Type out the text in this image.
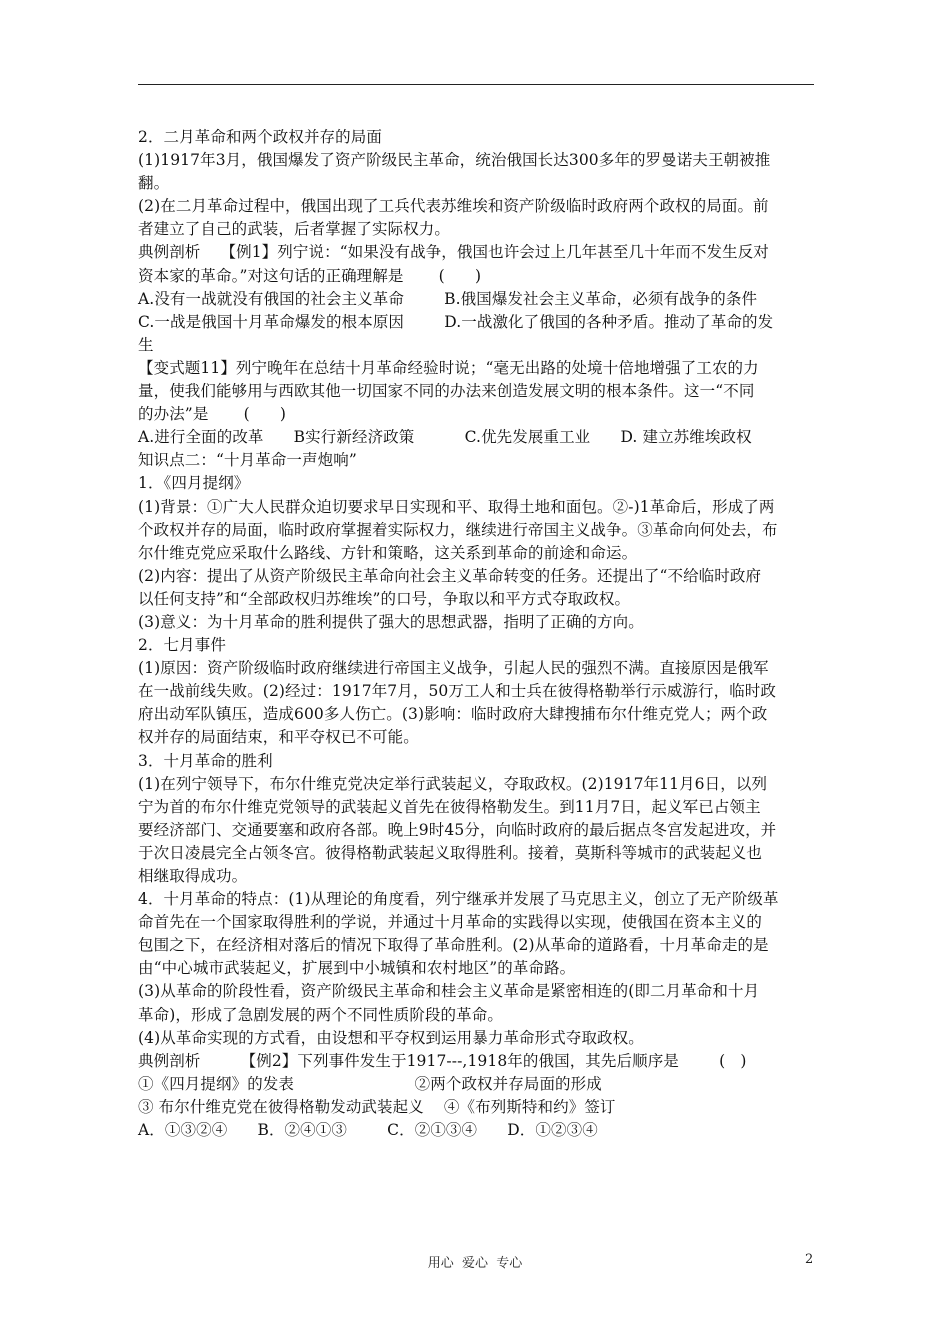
2．二月革命和两个政权并存的局面

(1)1917年3月，俄国爆发了资产阶级民主革命，统治俄国长达300多年的罗曼诺夫王朝被推

翻。

(2)在二月革命过程中，俄国出现了工兵代表苏维埃和资产阶级临时政府两个政权的局面。前

者建立了自己的武装，后者掌握了实际权力。

典例剖析    【例1】列宁说：“如果没有战争，俄国也许会过上几年甚至几十年而不发生反对

资本家的革命。”对这句话的正确理解是       (      )

A.没有一战就没有俄国的社会主义革命        B.俄国爆发社会主义革命，必须有战争的条件

C.一战是俄国十月革命爆发的根本原因        D.一战激化了俄国的各种矛盾。推动了革命的发

生

【变式题11】列宁晚年在总结十月革命经验时说；“毫无出路的处境十倍地增强了工农的力

量，使我们能够用与西欧其他一切国家不同的办法来创造发展文明的根本条件。这一“不同

的办法”是       (      )

A.进行全面的改革      B实行新经济政策          C.优先发展重工业      D. 建立苏维埃政权

知识点二：“十月革命一声炮响”

1．《四月提纲》

(1)背景：①广大人民群众迫切要求早日实现和平、取得土地和面包。②-)1革命后，形成了两

个政权并存的局面，临时政府掌握着实际权力，继续进行帝国主义战争。③革命向何处去，布

尔什维克党应采取什么路线、方针和策略，这关系到革命的前途和命运。

(2)内容：提出了从资产阶级民主革命向社会主义革命转变的任务。还提出了“不给临时政府

以任何支持”和“全部政权归苏维埃”的口号，争取以和平方式夺取政权。

(3)意义：为十月革命的胜利提供了强大的思想武器，指明了正确的方向。

2．七月事件

(1)原因：资产阶级临时政府继续进行帝国主义战争，引起人民的强烈不满。直接原因是俄军

在一战前线失败。(2)经过：1917年7月，50万工人和士兵在彼得格勒举行示威游行，临时政

府出动军队镇压，造成600多人伤亡。(3)影响：临时政府大肆搜捕布尔什维克党人；两个政

权并存的局面结束，和平夺权已不可能。

3．十月革命的胜利

(1)在列宁领导下，布尔什维克党决定举行武装起义，夺取政权。(2)1917年11月6日，以列

宁为首的布尔什维克党领导的武装起义首先在彼得格勒发生。到11月7日，起义军已占领主

要经济部门、交通要塞和政府各部。晚上9时45分，向临时政府的最后据点冬宫发起进攻，并

于次日凌晨完全占领冬宫。彼得格勒武装起义取得胜利。接着，莫斯科等城市的武装起义也

相继取得成功。

4．十月革命的特点：(1)从理论的角度看，列宁继承并发展了马克思主义，创立了无产阶级革

命首先在一个国家取得胜利的学说，并通过十月革命的实践得以实现，使俄国在资本主义的

包围之下，在经济相对落后的情况下取得了革命胜利。(2)从革命的道路看，十月革命走的是

由“中心城市武装起义，扩展到中小城镇和农村地区”的革命路。

(3)从革命的阶段性看，资产阶级民主革命和桂会主义革命是紧密相连的(即二月革命和十月

革命)，形成了急剧发展的两个不同性质阶段的革命。

(4)从革命实现的方式看，由设想和平夺权到运用暴力革命形式夺取政权。

典例剖析        【例2】下列事件发生于1917---,1918年的俄国，其先后顺序是        (   )

①《四月提纲》的发表                        ②两个政权并存局面的形成

③ 布尔什维克党在彼得格勒发动武装起义    ④《布列斯特和约》签订

A．①③②④      B．②④①③        C．②①③④      D．①②③④

用心  爱心  专心	2
